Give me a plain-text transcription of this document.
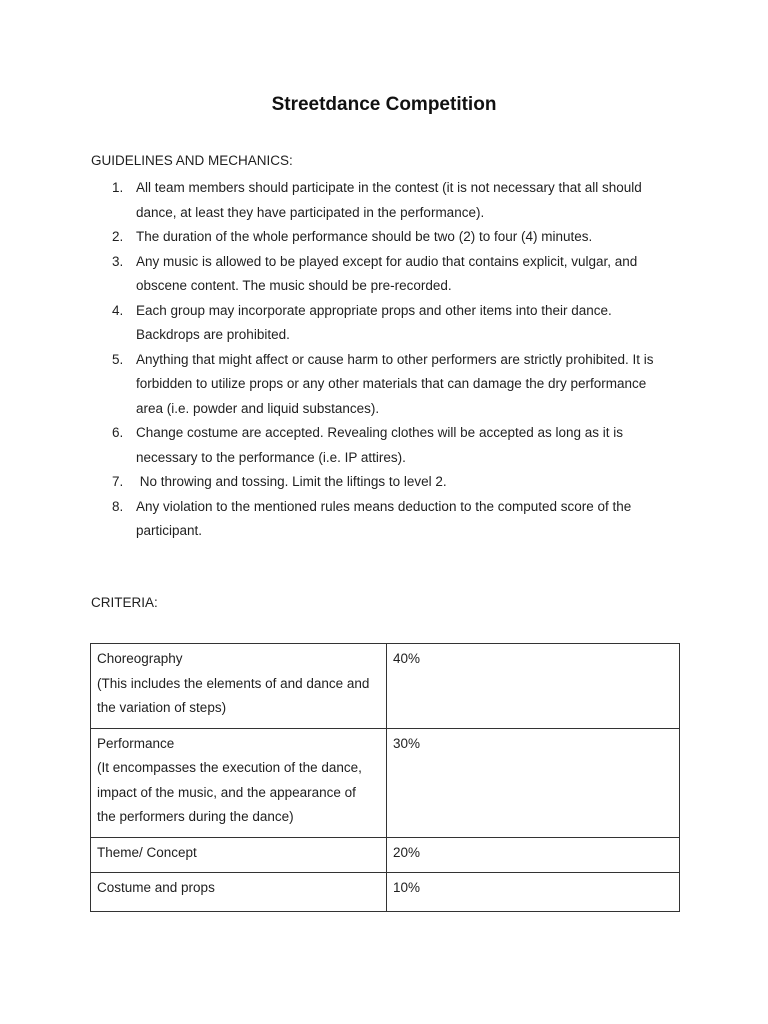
Streetdance Competition

GUIDELINES AND MECHANICS:

1. All team members should participate in the contest (it is not necessary that all should
dance, at least they have participated in the performance).
2. The duration of the whole performance should be two (2) to four (4) minutes.
3. Any music is allowed to be played except for audio that contains explicit, vulgar, and
obscene content. The music should be pre-recorded.
4. Each group may incorporate appropriate props and other items into their dance.
Backdrops are prohibited.
5. Anything that might affect or cause harm to other performers are strictly prohibited. It is
forbidden to utilize props or any other materials that can damage the dry performance
area (i.e. powder and liquid substances).
6. Change costume are accepted. Revealing clothes will be accepted as long as it is
necessary to the performance (i.e. IP attires).
7. No throwing and tossing. Limit the liftings to level 2.
8. Any violation to the mentioned rules means deduction to the computed score of the
participant.

CRITERIA:

Choreography
(This includes the elements of and dance and
the variation of steps)	40%

Performance
(It encompasses the execution of the dance,
impact of the music, and the appearance of
the performers during the dance)	30%

Theme/ Concept	20%

Costume and props	10%
